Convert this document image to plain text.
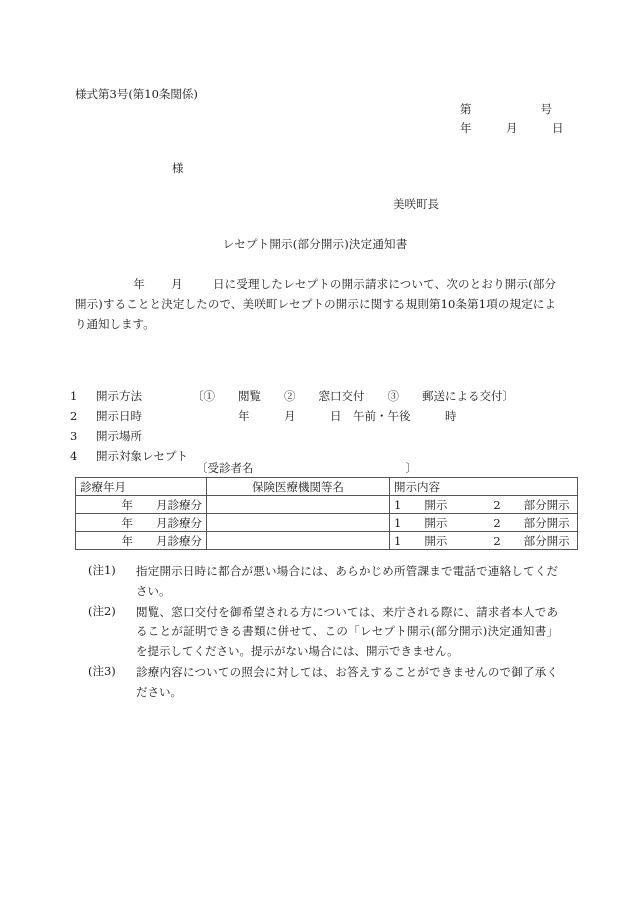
様式第3号(第10条関係)
第　　　　　　号
年　　　月　　　日
様
美咲町長
レセプト開示(部分開示)決定通知書
年 月	日に受理したレセプトの開示請求について、次のとおり開示(部分開示)することと決定したので、美咲町レセプトの開示に関する規則第10条第1項の規定により通知します。
1 開示方法	〔①　　閲覧　　②　　窓口交付　　③　　郵送による交付〕
2 開示日時	　　　　年　　　月　　　日　午前・午後　　　時
3 開示場所
4 開示対象レセプト
〔受診者名	〕
診療年月	保険医療機関等名	開示内容
年　　月診療分		1　　開示　　　　2　　部分開示
年　　月診療分		1　　開示　　　　2　　部分開示
年　　月診療分		1　　開示　　　　2　　部分開示
(注1)	指定開示日時に都合が悪い場合には、あらかじめ所管課まで電話で連絡してください。
(注2)	閲覧、窓口交付を御希望される方については、来庁される際に、請求者本人であることが証明できる書類に併せて、この「レセプト開示(部分開示)決定通知書」を提示してください。提示がない場合には、開示できません。
(注3)	診療内容についての照会に対しては、お答えすることができませんので御了承ください。
